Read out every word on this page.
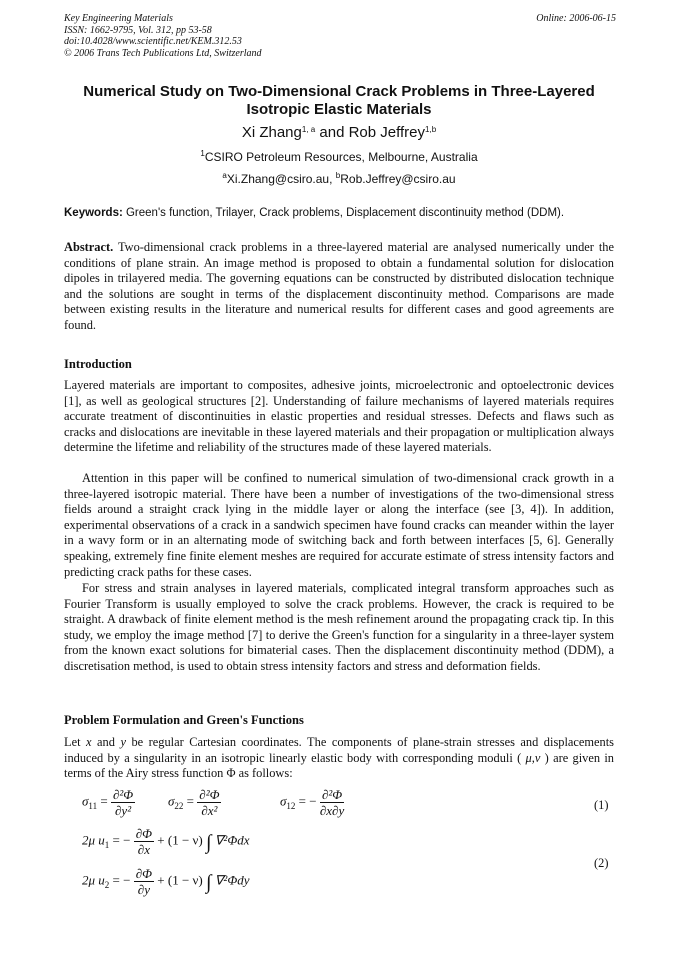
Key Engineering Materials
ISSN: 1662-9795, Vol. 312, pp 53-58
doi:10.4028/www.scientific.net/KEM.312.53
© 2006 Trans Tech Publications Ltd, Switzerland
Online: 2006-06-15
Numerical Study on Two-Dimensional Crack Problems in Three-Layered
Isotropic Elastic Materials
Xi Zhang$^{1, a}$ and Rob Jeffrey$^{1,b}$
$^1$CSIRO Petroleum Resources, Melbourne, Australia
$^a$Xi.Zhang@csiro.au, $^b$Rob.Jeffrey@csiro.au
Keywords: Green's function, Trilayer, Crack problems, Displacement discontinuity method (DDM).
Abstract. Two-dimensional crack problems in a three-layered material are analysed numerically under the conditions of plane strain. An image method is proposed to obtain a fundamental solution for dislocation dipoles in trilayered media. The governing equations can be constructed by distributed dislocation technique and the solutions are sought in terms of the displacement discontinuity method. Comparisons are made between existing results in the literature and numerical results for different cases and good agreements are found.
Introduction
Layered materials are important to composites, adhesive joints, microelectronic and optoelectronic devices [1], as well as geological structures [2]. Understanding of failure mechanisms of layered materials requires accurate treatment of discontinuities in elastic properties and residual stresses. Defects and flaws such as cracks and dislocations are inevitable in these layered materials and their propagation or multiplication always determine the lifetime and reliability of the structures made of these layered materials.
Attention in this paper will be confined to numerical simulation of two-dimensional crack growth in a three-layered isotropic material. There have been a number of investigations of the two-dimensional stress fields around a straight crack lying in the middle layer or along the interface (see [3, 4]). In addition, experimental observations of a crack in a sandwich specimen have found cracks can meander within the layer in a wavy form or in an alternating mode of switching back and forth between interfaces [5, 6]. Generally speaking, extremely fine finite element meshes are required for accurate estimate of stress intensity factors and predicting crack paths for these cases.
For stress and strain analyses in layered materials, complicated integral transform approaches such as Fourier Transform is usually employed to solve the crack problems. However, the crack is required to be straight. A drawback of finite element method is the mesh refinement around the propagating crack tip. In this study, we employ the image method [7] to derive the Green's function for a singularity in a three-layer system from the known exact solutions for bimaterial cases. Then the displacement discontinuity method (DDM), a discretisation method, is used to obtain stress intensity factors and stress and deformation fields.
Problem Formulation and Green's Functions
Let x and y be regular Cartesian coordinates. The components of plane-strain stresses and displacements induced by a singularity in an isotropic linearly elastic body with corresponding moduli ( μ,ν ) are given in terms of the Airy stress function Φ as follows:
$\sigma_{11} = \frac{\text{∂²Φ}}{\text{∂y²}}$	$\sigma_{22} = \frac{\text{∂²Φ}}{\text{∂x²}}$	$\sigma_{12}$ = − $\frac{\text{∂²Φ}}{\partial x\partial y}$	(1)
2μ $u_1$ = − $\frac{\partial\Phi}{\partial x} + (1 - \nu)$ ∫ ∇²Φdx
2μ $u_2$ = − $\frac{\partial\Phi}{\partial y} + (1 - \nu)$ ∫ ∇²Φdy
(2)
